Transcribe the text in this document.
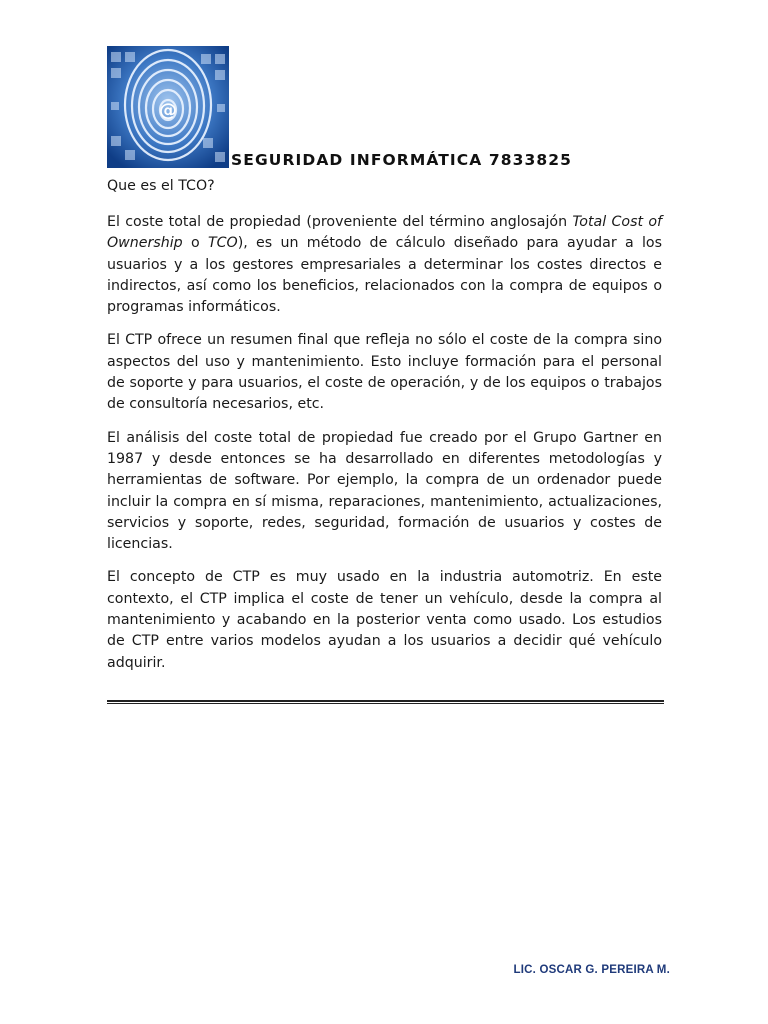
@
SEGURIDAD INFORMÁTICA 7833825
Que es el TCO?

El coste total de propiedad (proveniente del término anglosajón Total Cost of Ownership o TCO), es un método de cálculo diseñado para ayudar a los usuarios y a los gestores empresariales a determinar los costes directos e indirectos, así como los beneficios, relacionados con la compra de equipos o programas informáticos.

El CTP ofrece un resumen final que refleja no sólo el coste de la compra sino aspectos del uso y mantenimiento. Esto incluye formación para el personal de soporte y para usuarios, el coste de operación, y de los equipos o trabajos de consultoría necesarios, etc.

El análisis del coste total de propiedad fue creado por el Grupo Gartner en 1987 y desde entonces se ha desarrollado en diferentes metodologías y herramientas de software. Por ejemplo, la compra de un ordenador puede incluir la compra en sí misma, reparaciones, mantenimiento, actualizaciones, servicios y soporte, redes, seguridad, formación de usuarios y costes de licencias.

El concepto de CTP es muy usado en la industria automotriz. En este contexto, el CTP implica el coste de tener un vehículo, desde la compra al mantenimiento y acabando en la posterior venta como usado. Los estudios de CTP entre varios modelos ayudan a los usuarios a decidir qué vehículo adquirir.

LIC. OSCAR G. PEREIRA M.
